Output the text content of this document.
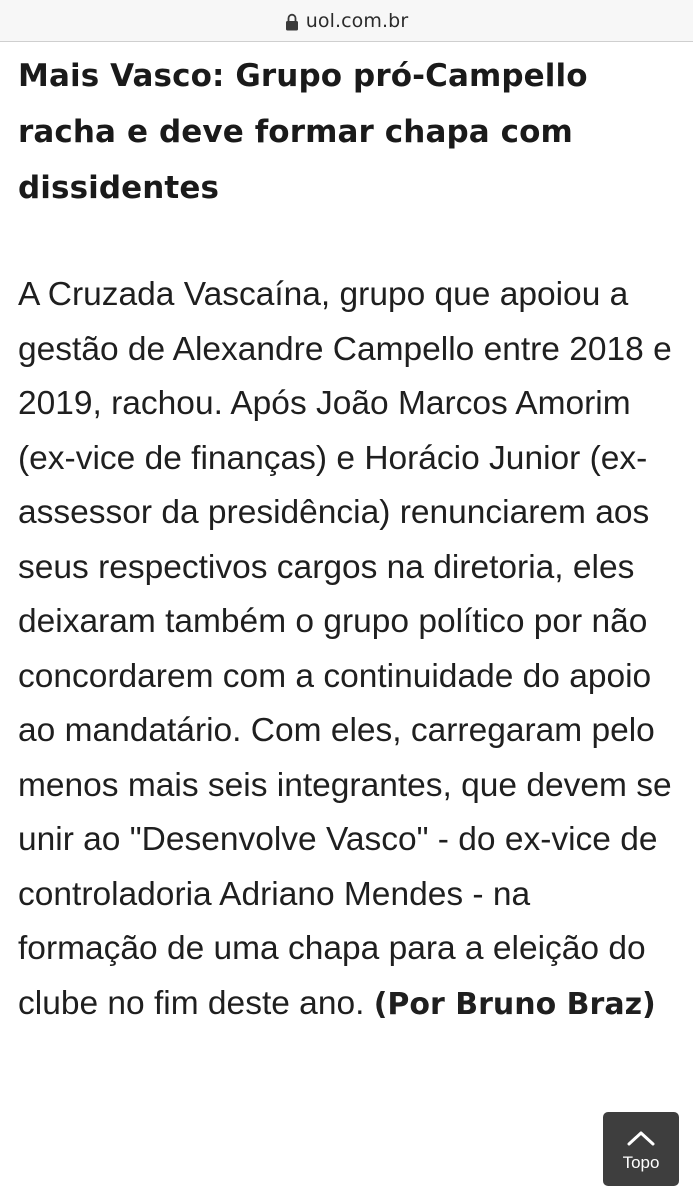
uol.com.br
Mais Vasco: Grupo pró-Campello racha e deve formar chapa com dissidentes

A Cruzada Vascaína, grupo que apoiou a gestão de Alexandre Campello entre 2018 e 2019, rachou. Após João Marcos Amorim (ex-vice de finanças) e Horácio Junior (ex-assessor da presidência) renunciarem aos seus respectivos cargos na diretoria, eles deixaram também o grupo político por não concordarem com a continuidade do apoio ao mandatário. Com eles, carregaram pelo menos mais seis integrantes, que devem se unir ao "Desenvolve Vasco" - do ex-vice de controladoria Adriano Mendes - na formação de uma chapa para a eleição do clube no fim deste ano. (Por Bruno Braz)

Topo
